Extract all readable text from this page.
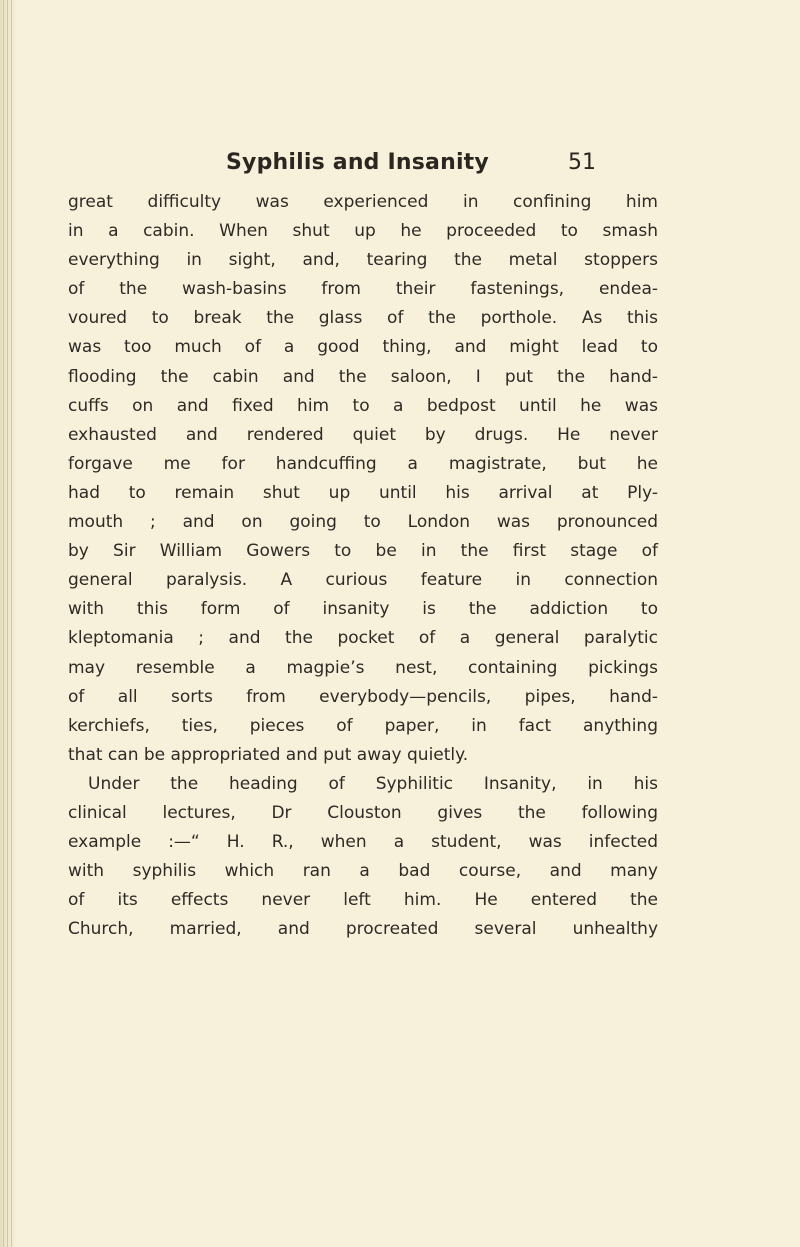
Syphilis and Insanity	51
great difficulty was experienced in confining him
in a cabin. When shut up he proceeded to smash
everything in sight, and, tearing the metal stoppers
of the wash-basins from their fastenings, endea-
voured to break the glass of the porthole. As this
was too much of a good thing, and might lead to
flooding the cabin and the saloon, I put the hand-
cuffs on and fixed him to a bedpost until he was
exhausted and rendered quiet by drugs. He never
forgave me for handcuffing a magistrate, but he
had to remain shut up until his arrival at Ply-
mouth ; and on going to London was pronounced
by Sir William Gowers to be in the first stage of
general paralysis. A curious feature in connection
with this form of insanity is the addiction to
kleptomania ; and the pocket of a general paralytic
may resemble a magpie’s nest, containing pickings
of all sorts from everybody—pencils, pipes, hand-
kerchiefs, ties, pieces of paper, in fact anything
that can be appropriated and put away quietly.
Under the heading of Syphilitic Insanity, in his
clinical lectures, Dr Clouston gives the following
example :—“ H. R., when a student, was infected
with syphilis which ran a bad course, and many
of its effects never left him. He entered the
Church, married, and procreated several unhealthy
